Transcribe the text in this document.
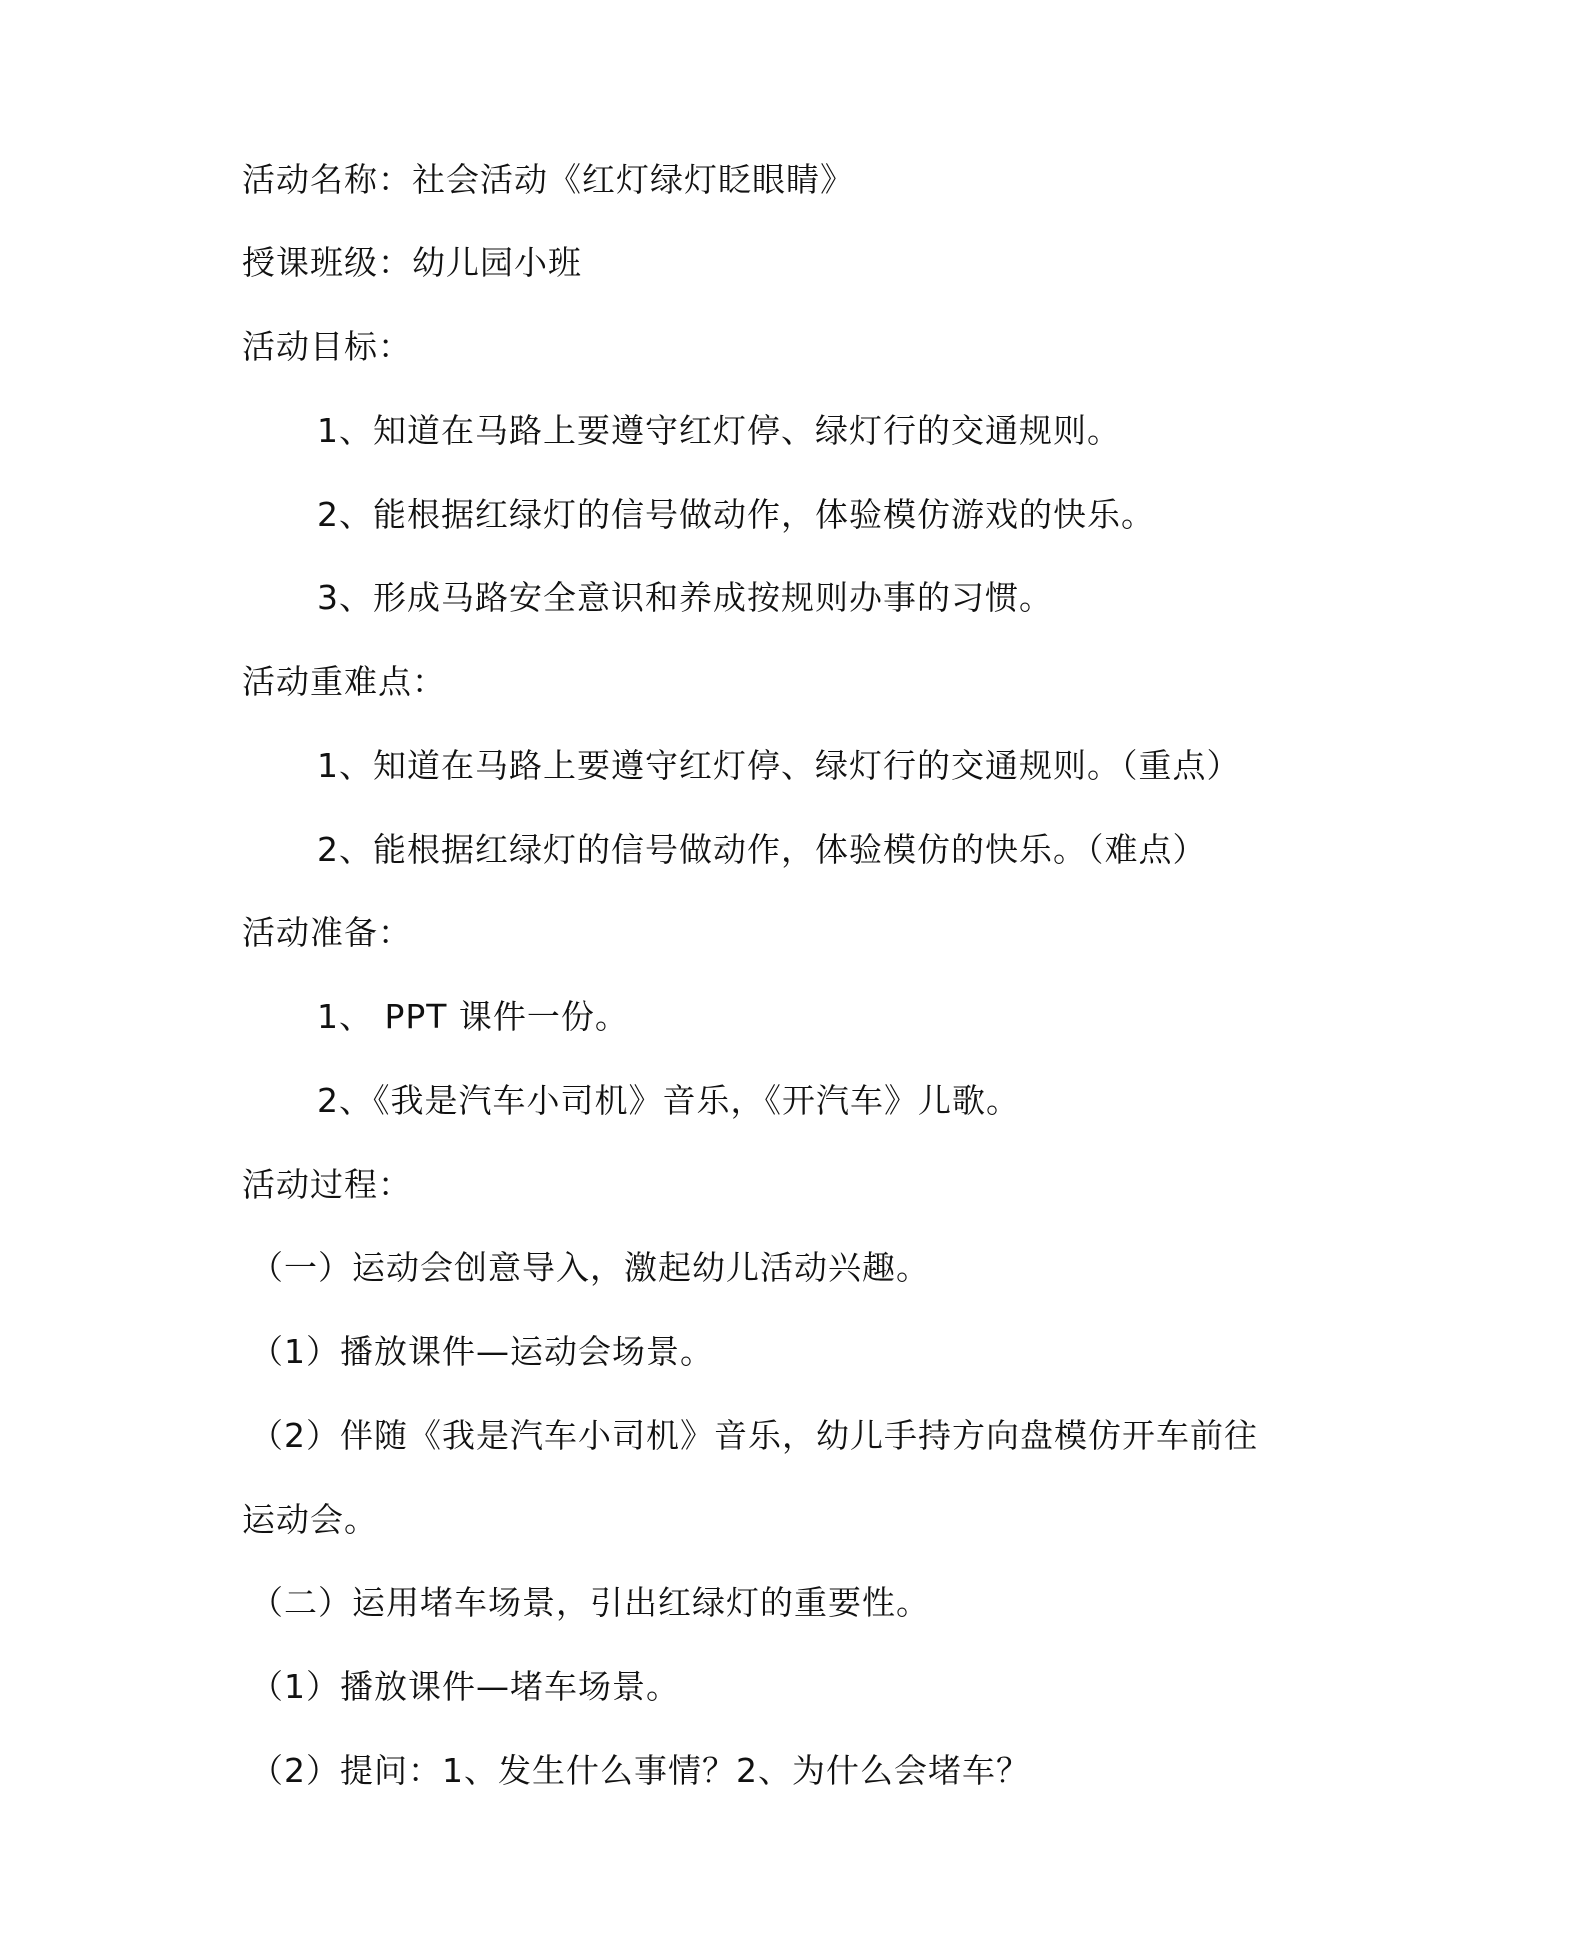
活动名称：社会活动《红灯绿灯眨眼睛》
授课班级：幼儿园小班
活动目标：
1、知道在马路上要遵守红灯停、绿灯行的交通规则。
2、能根据红绿灯的信号做动作，体验模仿游戏的快乐。
3、形成马路安全意识和养成按规则办事的习惯。
活动重难点：
1、知道在马路上要遵守红灯停、绿灯行的交通规则。（重点）
2、能根据红绿灯的信号做动作，体验模仿的快乐。（难点）
活动准备：
1、 PPT 课件一份。
2、《我是汽车小司机》音乐，《开汽车》儿歌。
活动过程：
（一）运动会创意导入，激起幼儿活动兴趣。
（1）播放课件—运动会场景。
（2）伴随《我是汽车小司机》音乐，幼儿手持方向盘模仿开车前往
运动会。
（二）运用堵车场景，引出红绿灯的重要性。
（1）播放课件—堵车场景。
（2）提问：1、发生什么事情？2、为什么会堵车？
